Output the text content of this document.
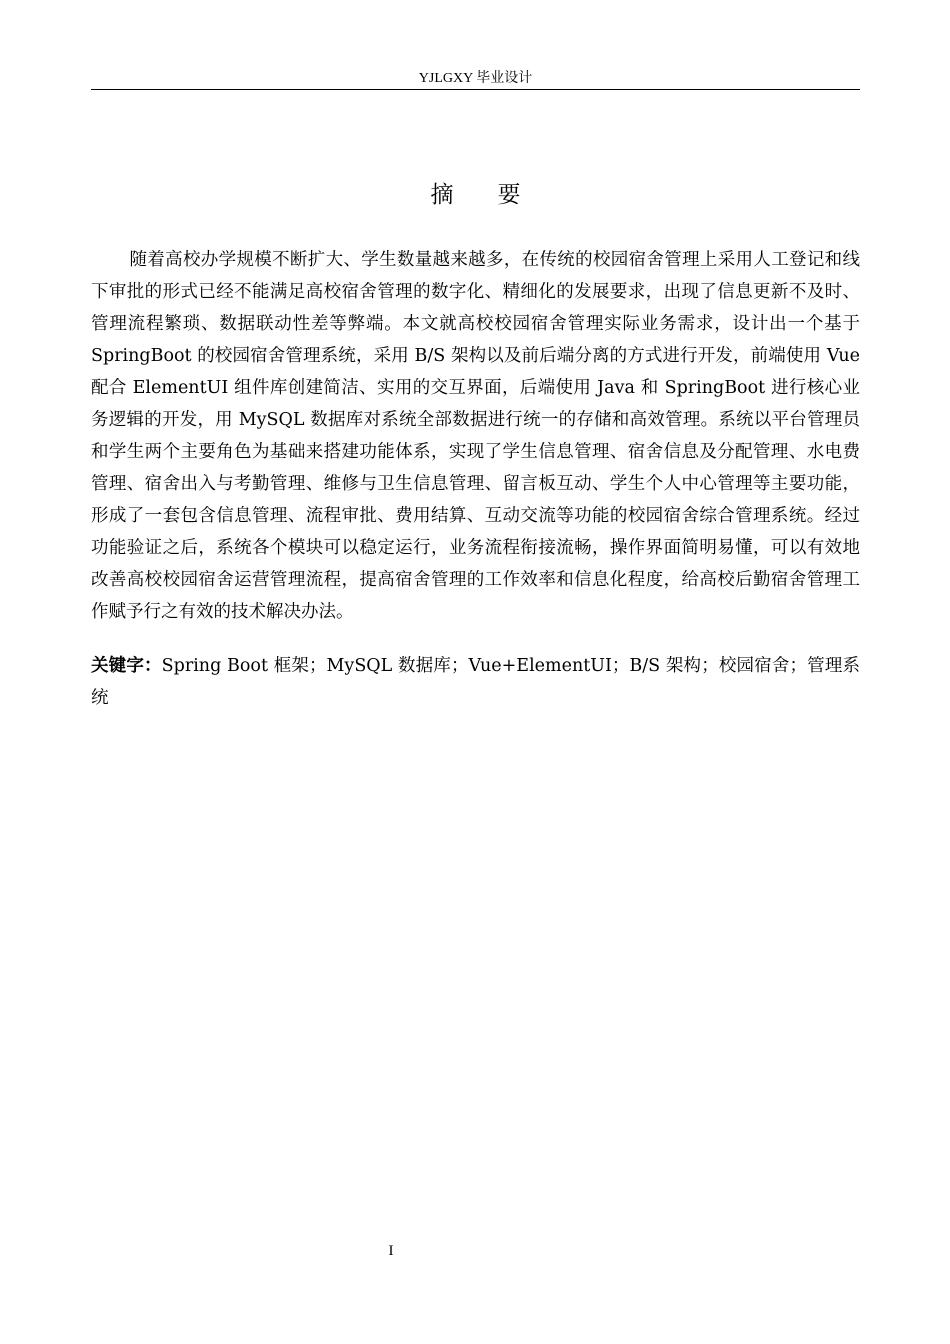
YJLGXY 毕业设计
摘要

随着高校办学规模不断扩大、学生数量越来越多，在传统的校园宿舍管理上采用人工登记和线下审批的形式已经不能满足高校宿舍管理的数字化、精细化的发展要求，出现了信息更新不及时、管理流程繁琐、数据联动性差等弊端。本文就高校校园宿舍管理实际业务需求，设计出一个基于 SpringBoot 的校园宿舍管理系统，采用 B/S 架构以及前后端分离的方式进行开发，前端使用 Vue 配合 ElementUI 组件库创建简洁、实用的交互界面，后端使用 Java 和 SpringBoot 进行核心业务逻辑的开发，用 MySQL 数据库对系统全部数据进行统一的存储和高效管理。系统以平台管理员和学生两个主要角色为基础来搭建功能体系，实现了学生信息管理、宿舍信息及分配管理、水电费管理、宿舍出入与考勤管理、维修与卫生信息管理、留言板互动、学生个人中心管理等主要功能，形成了一套包含信息管理、流程审批、费用结算、互动交流等功能的校园宿舍综合管理系统。经过功能验证之后，系统各个模块可以稳定运行，业务流程衔接流畅，操作界面简明易懂，可以有效地改善高校校园宿舍运营管理流程，提高宿舍管理的工作效率和信息化程度，给高校后勤宿舍管理工作赋予行之有效的技术解决办法。

关键字：Spring Boot 框架；MySQL 数据库；Vue+ElementUI；B/S 架构；校园宿舍；管理系统

I
